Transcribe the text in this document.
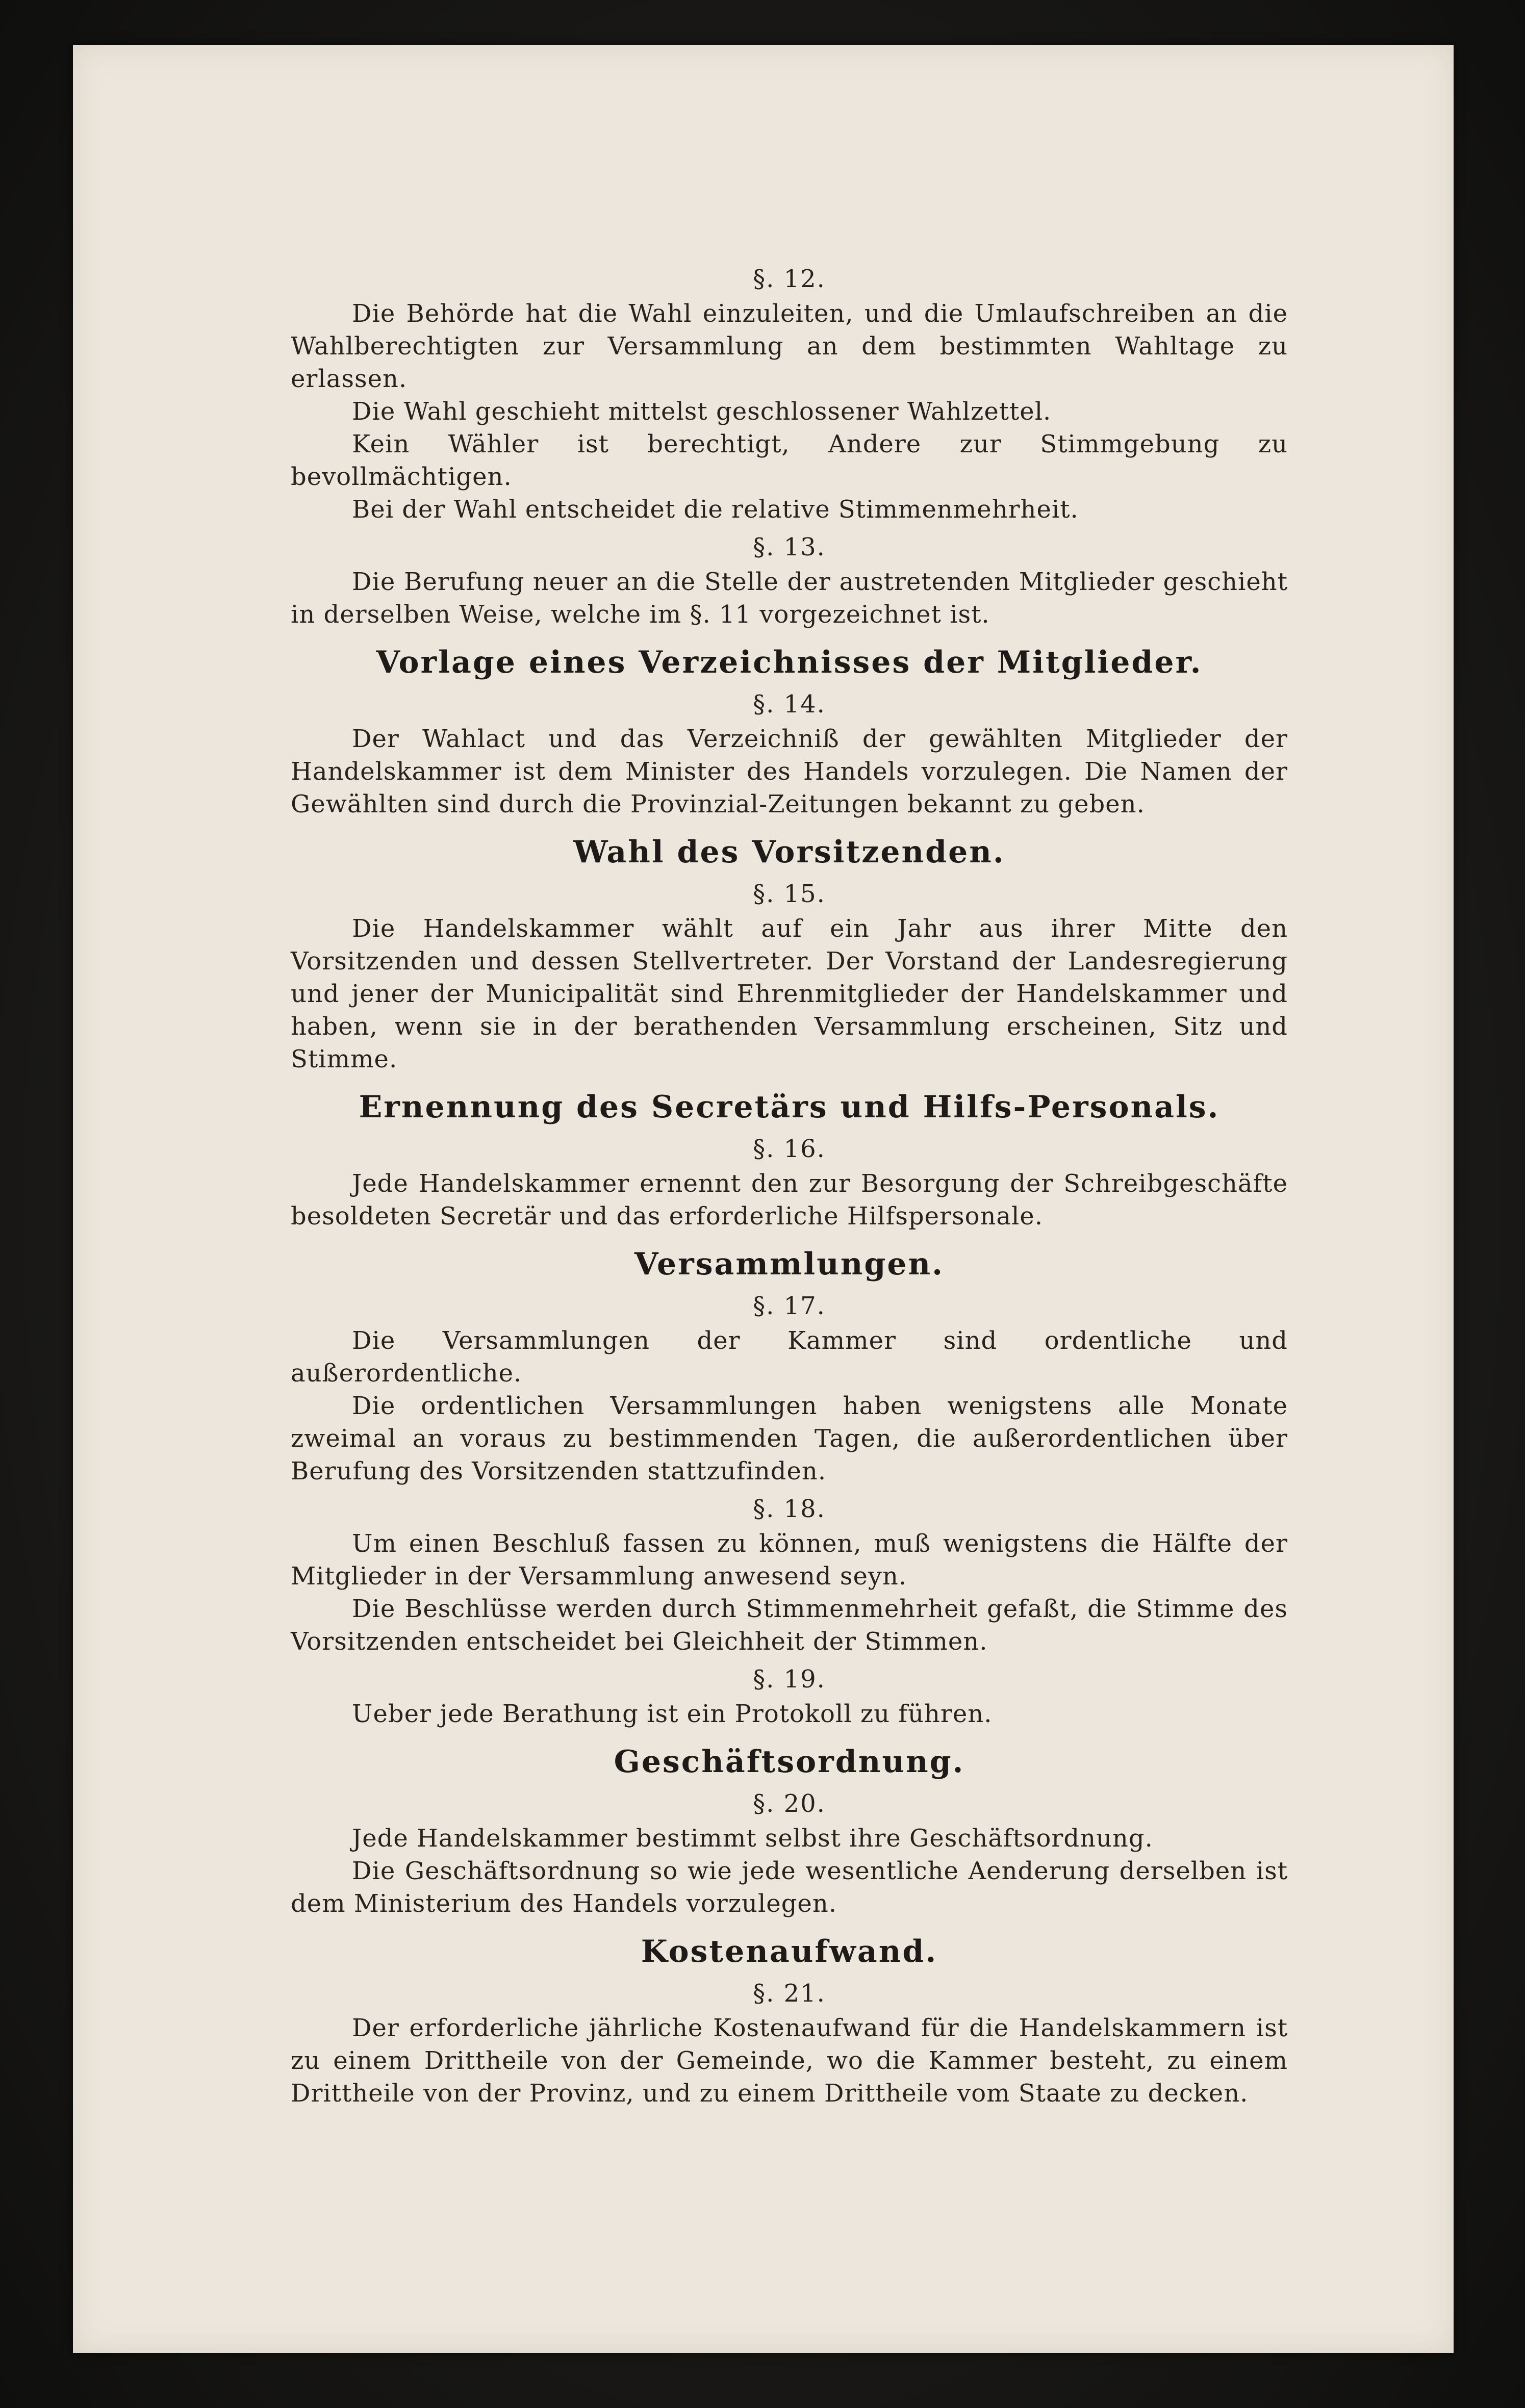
§. 12.

Die Behörde hat die Wahl einzuleiten, und die Umlaufschreiben an die Wahlberechtigten zur Versammlung an dem bestimmten Wahltage zu erlassen.

Die Wahl geschieht mittelst geschlossener Wahlzettel.

Kein Wähler ist berechtigt, Andere zur Stimmgebung zu bevollmächtigen.

Bei der Wahl entscheidet die relative Stimmenmehrheit.

§. 13.

Die Berufung neuer an die Stelle der austretenden Mitglieder geschieht in derselben Weise, welche im §. 11 vorgezeichnet ist.

Vorlage eines Verzeichnisses der Mitglieder.
§. 14.

Der Wahlact und das Verzeichniß der gewählten Mitglieder der Handelskammer ist dem Minister des Handels vorzulegen. Die Namen der Gewählten sind durch die Provinzial-Zeitungen bekannt zu geben.

Wahl des Vorsitzenden.
§. 15.

Die Handelskammer wählt auf ein Jahr aus ihrer Mitte den Vorsitzenden und dessen Stellvertreter. Der Vorstand der Landesregierung und jener der Municipalität sind Ehrenmitglieder der Handelskammer und haben, wenn sie in der berathenden Versammlung erscheinen, Sitz und Stimme.

Ernennung des Secretärs und Hilfs-Personals.
§. 16.

Jede Handelskammer ernennt den zur Besorgung der Schreibgeschäfte besoldeten Secretär und das erforderliche Hilfspersonale.

Versammlungen.
§. 17.

Die Versammlungen der Kammer sind ordentliche und außerordentliche.

Die ordentlichen Versammlungen haben wenigstens alle Monate zweimal an voraus zu bestimmenden Tagen, die außerordentlichen über Berufung des Vorsitzenden stattzufinden.

§. 18.

Um einen Beschluß fassen zu können, muß wenigstens die Hälfte der Mitglieder in der Versammlung anwesend seyn.

Die Beschlüsse werden durch Stimmenmehrheit gefaßt, die Stimme des Vorsitzenden entscheidet bei Gleichheit der Stimmen.

§. 19.

Ueber jede Berathung ist ein Protokoll zu führen.

Geschäftsordnung.
§. 20.

Jede Handelskammer bestimmt selbst ihre Geschäftsordnung.

Die Geschäftsordnung so wie jede wesentliche Aenderung derselben ist dem Ministerium des Handels vorzulegen.

Kostenaufwand.
§. 21.

Der erforderliche jährliche Kostenaufwand für die Handelskammern ist zu einem Drittheile von der Gemeinde, wo die Kammer besteht, zu einem Drittheile von der Provinz, und zu einem Drittheile vom Staate zu decken.
